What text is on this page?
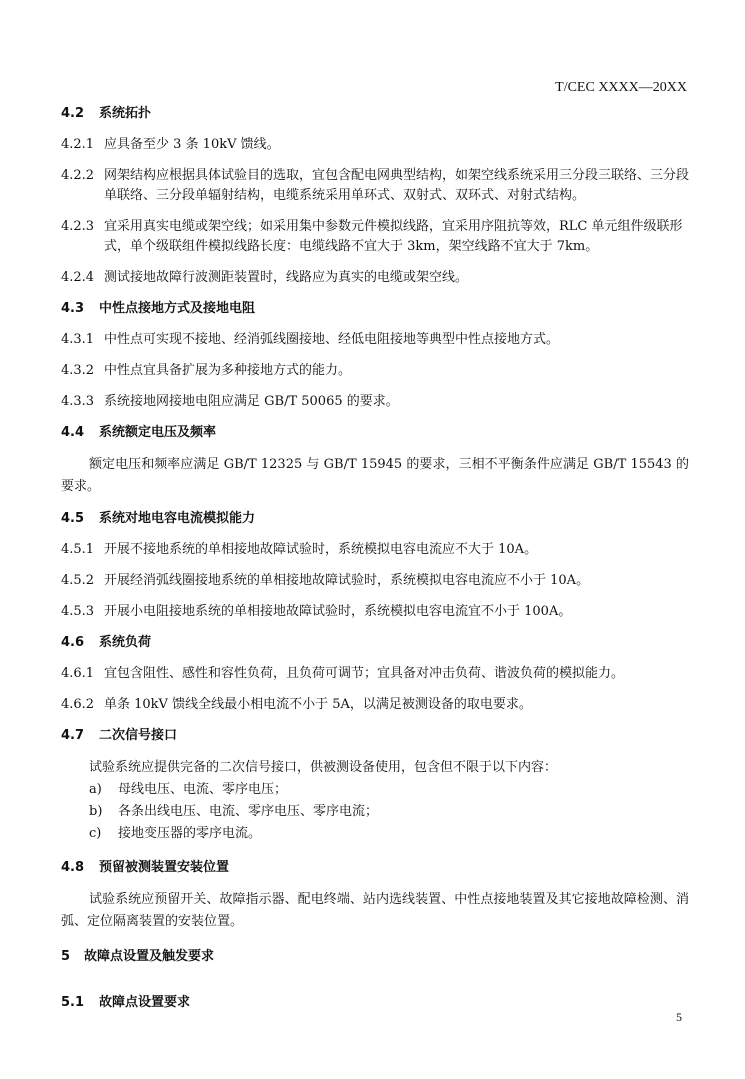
T/CEC XXXX—20XX
4.2	系统拓扑
4.2.1 应具备至少 3 条 10kV 馈线。
4.2.2 网架结构应根据具体试验目的选取，宜包含配电网典型结构，如架空线系统采用三分段三联络、三分段单联络、三分段单辐射结构，电缆系统采用单环式、双射式、双环式、对射式结构。
4.2.3 宜采用真实电缆或架空线；如采用集中参数元件模拟线路，宜采用序阻抗等效，RLC 单元组件级联形式，单个级联组件模拟线路长度：电缆线路不宜大于 3km，架空线路不宜大于 7km。
4.2.4 测试接地故障行波测距装置时，线路应为真实的电缆或架空线。
4.3	中性点接地方式及接地电阻
4.3.1 中性点可实现不接地、经消弧线圈接地、经低电阻接地等典型中性点接地方式。
4.3.2 中性点宜具备扩展为多种接地方式的能力。
4.3.3 系统接地网接地电阻应满足 GB/T 50065 的要求。
4.4	系统额定电压及频率
额定电压和频率应满足 GB/T 12325 与 GB/T 15945 的要求，三相不平衡条件应满足 GB/T 15543 的要求。
4.5	系统对地电容电流模拟能力
4.5.1 开展不接地系统的单相接地故障试验时，系统模拟电容电流应不大于 10A。
4.5.2 开展经消弧线圈接地系统的单相接地故障试验时，系统模拟电容电流应不小于 10A。
4.5.3 开展小电阻接地系统的单相接地故障试验时，系统模拟电容电流宜不小于 100A。
4.6	系统负荷
4.6.1 宜包含阻性、感性和容性负荷，且负荷可调节；宜具备对冲击负荷、谐波负荷的模拟能力。
4.6.2 单条 10kV 馈线全线最小相电流不小于 5A，以满足被测设备的取电要求。
4.7	二次信号接口
试验系统应提供完备的二次信号接口，供被测设备使用，包含但不限于以下内容：
a)	母线电压、电流、零序电压；
b)	各条出线电压、电流、零序电压、零序电流；
c)	接地变压器的零序电流。
4.8	预留被测装置安装位置
试验系统应预留开关、故障指示器、配电终端、站内选线装置、中性点接地装置及其它接地故障检测、消弧、定位隔离装置的安装位置。
5	故障点设置及触发要求
5.1	故障点设置要求
5
